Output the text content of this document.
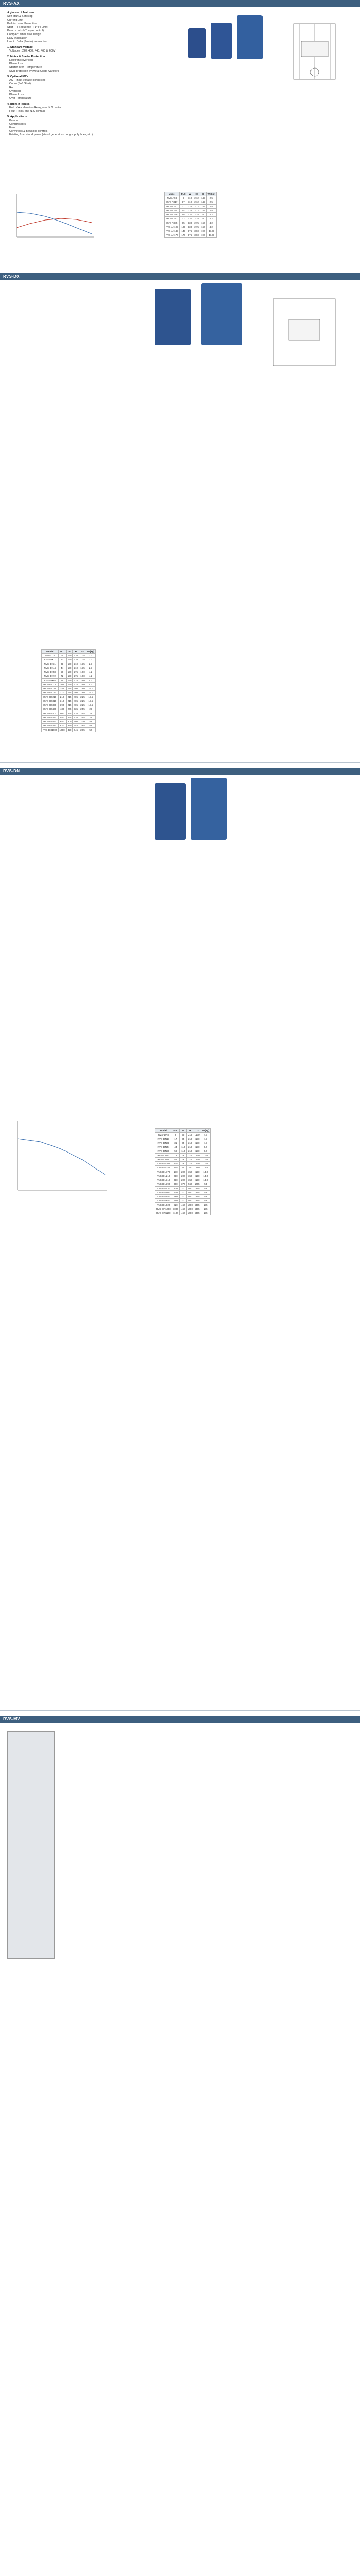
RVS-AX

A glance of features

Soft start & Soft stop

Current Limit

Built-in motor Protection

Start – 4 Sequence (T1~T4 Limit)

Pump control (Torque control)

Compact, small size design

Easy installation

Line to Delta (6-wire) connection

1. Standard voltage

Voltages : 220, 400, 440, 460 & 600V

2. Motor & Starter Protection

Electronic overload

Phase loss

Starter over – temperature

SCR protection by Metal Oxide Varistors

3. Optional I/O's

AC – input voltage connected

Curve (Soft Start)

Run

Overload

Phase Loss

Over Temperature

4. Built-in Relays

End of Acceleration Relay, one N.O contact

Fault Relay, one N.O contact

5. Applications

Pumps

Compressors

Fans

Conveyors & Bowsolid controls

Existing from stand power (stand generators, long supply lines, etc.)

Model	FLC	W	H	D	Wt(kg)
RVS-AX8	8	110	212	145	2.5
RVS-AX17	17	110	212	145	2.5
RVS-AX31	31	110	212	145	2.5
RVS-AX44	44	110	212	145	2.5
RVS-AX58	58	130	275	160	4.2
RVS-AX72	72	130	275	160	4.2
RVS-AX85	85	130	275	160	4.2
RVS-AX105	105	130	275	160	4.2
RVS-AX145	145	175	360	190	11.8
RVS-AX170	170	175	360	190	11.8
RVS-DX
Model	FLC	W	H	D	Wt(kg)
RVS-DX8	8	130	210	135	2.3
RVS-DX17	17	130	210	135	2.3
RVS-DX31	31	130	210	135	2.3
RVS-DX44	44	130	210	135	2.3
RVS-DX58	58	130	275	160	4.2
RVS-DX72	72	130	275	160	4.2
RVS-DX85	85	130	275	160	4.2
RVS-DX105	105	130	275	160	4.2
RVS-DX145	145	175	380	190	11.7
RVS-DX170	170	175	380	190	11.7
RVS-DX210	210	215	405	225	18.5
RVS-DX310	310	215	405	225	18.5
RVS-DX390	390	215	405	225	18.5
RVS-DX430	430	265	535	255	28
RVS-DX500	500	265	535	255	28
RVS-DX580	580	265	535	255	28
RVS-DX650	650	300	580	270	42
RVS-DX820	820	320	645	285	52
RVS-DX1000	1000	320	645	285	52
RVS-DN
Model	FLC	W	H	D	Wt(kg)
RVS-DN8	8	75	213	170	4.7
RVS-DN17	17	75	213	170	4.7
RVS-DN31	31	75	213	170	4.7
RVS-DN44	44	110	213	170	6.6
RVS-DN58	58	110	213	170	6.6
RVS-DN72	72	190	275	170	11.0
RVS-DN85	85	190	275	170	11.0
RVS-DN105	105	190	275	170	11.0
RVS-DN145	145	200	350	190	14.0
RVS-DN170	170	200	350	190	14.0
RVS-DN210	210	200	350	190	14.0
RVS-DN310	310	200	350	190	14.0
RVS-DN390	390	370	560	265	53
RVS-DN430	430	370	560	265	53
RVS-DN500	500	370	560	265	53
RVS-DN580	580	370	560	265	53
RVS-DN650	650	370	560	265	53
RVS-DN820	820	460	1000	305	135
RVS-DN1000	1000	460	1000	305	135
RVS-DN1100	1100	460	1000	305	135
RVS-MV
